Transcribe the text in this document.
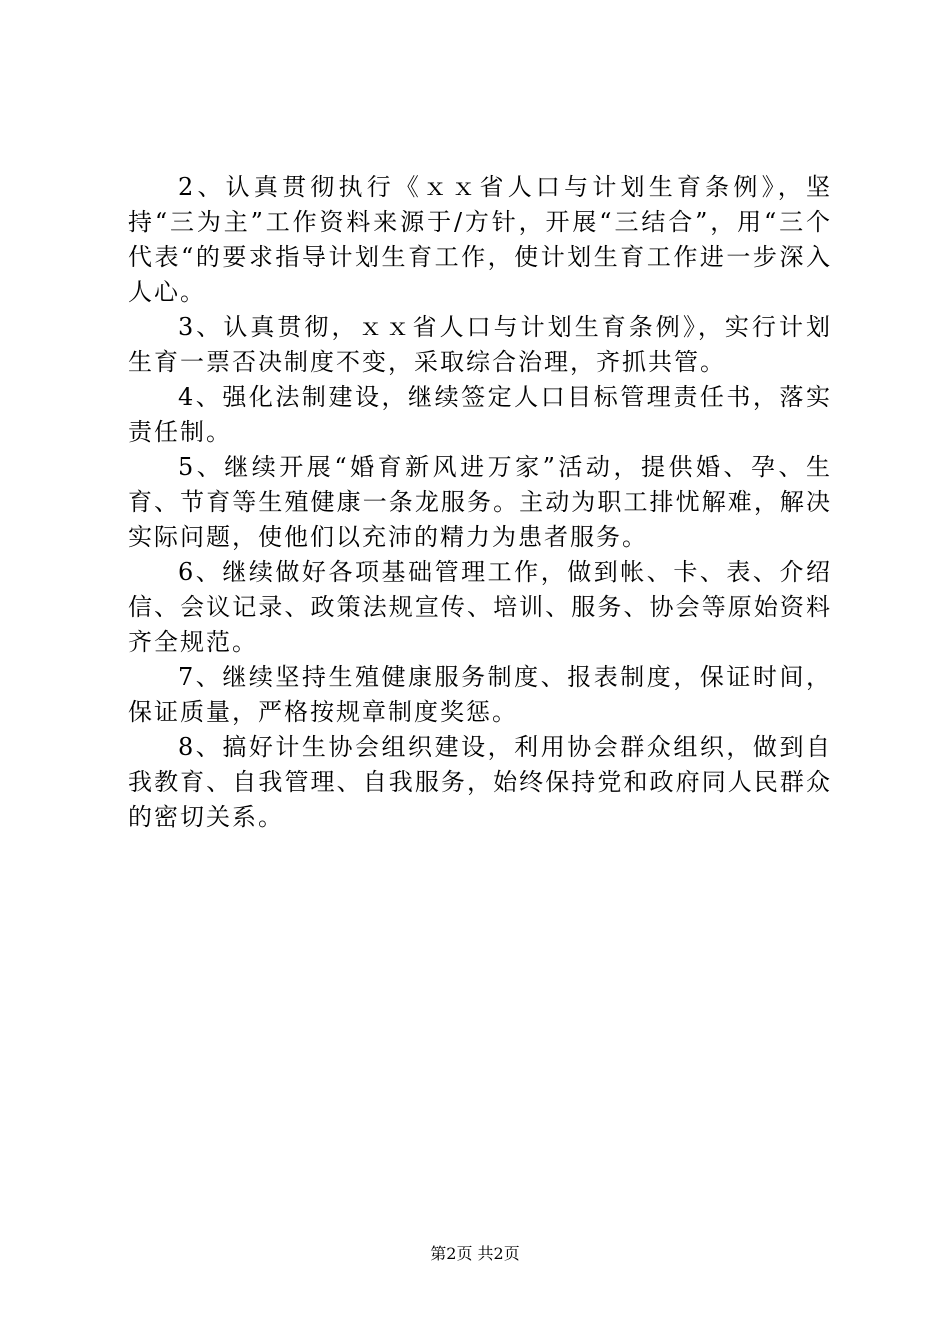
2、认真贯彻执行《ｘｘ省人口与计划生育条例》，坚持“三为主”工作资料来源于/方针，开展“三结合”，用“三个代表“的要求指导计划生育工作，使计划生育工作进一步深入人心。

3、认真贯彻，ｘｘ省人口与计划生育条例》，实行计划生育一票否决制度不变，采取综合治理，齐抓共管。

4、强化法制建设，继续签定人口目标管理责任书，落实责任制。

5、继续开展“婚育新风进万家”活动，提供婚、孕、生育、节育等生殖健康一条龙服务。主动为职工排忧解难，解决实际问题，使他们以充沛的精力为患者服务。

6、继续做好各项基础管理工作，做到帐、卡、表、介绍信、会议记录、政策法规宣传、培训、服务、协会等原始资料齐全规范。

7、继续坚持生殖健康服务制度、报表制度，保证时间，保证质量，严格按规章制度奖惩。

8、搞好计生协会组织建设，利用协会群众组织，做到自我教育、自我管理、自我服务，始终保持党和政府同人民群众的密切关系。

第2页 共2页
